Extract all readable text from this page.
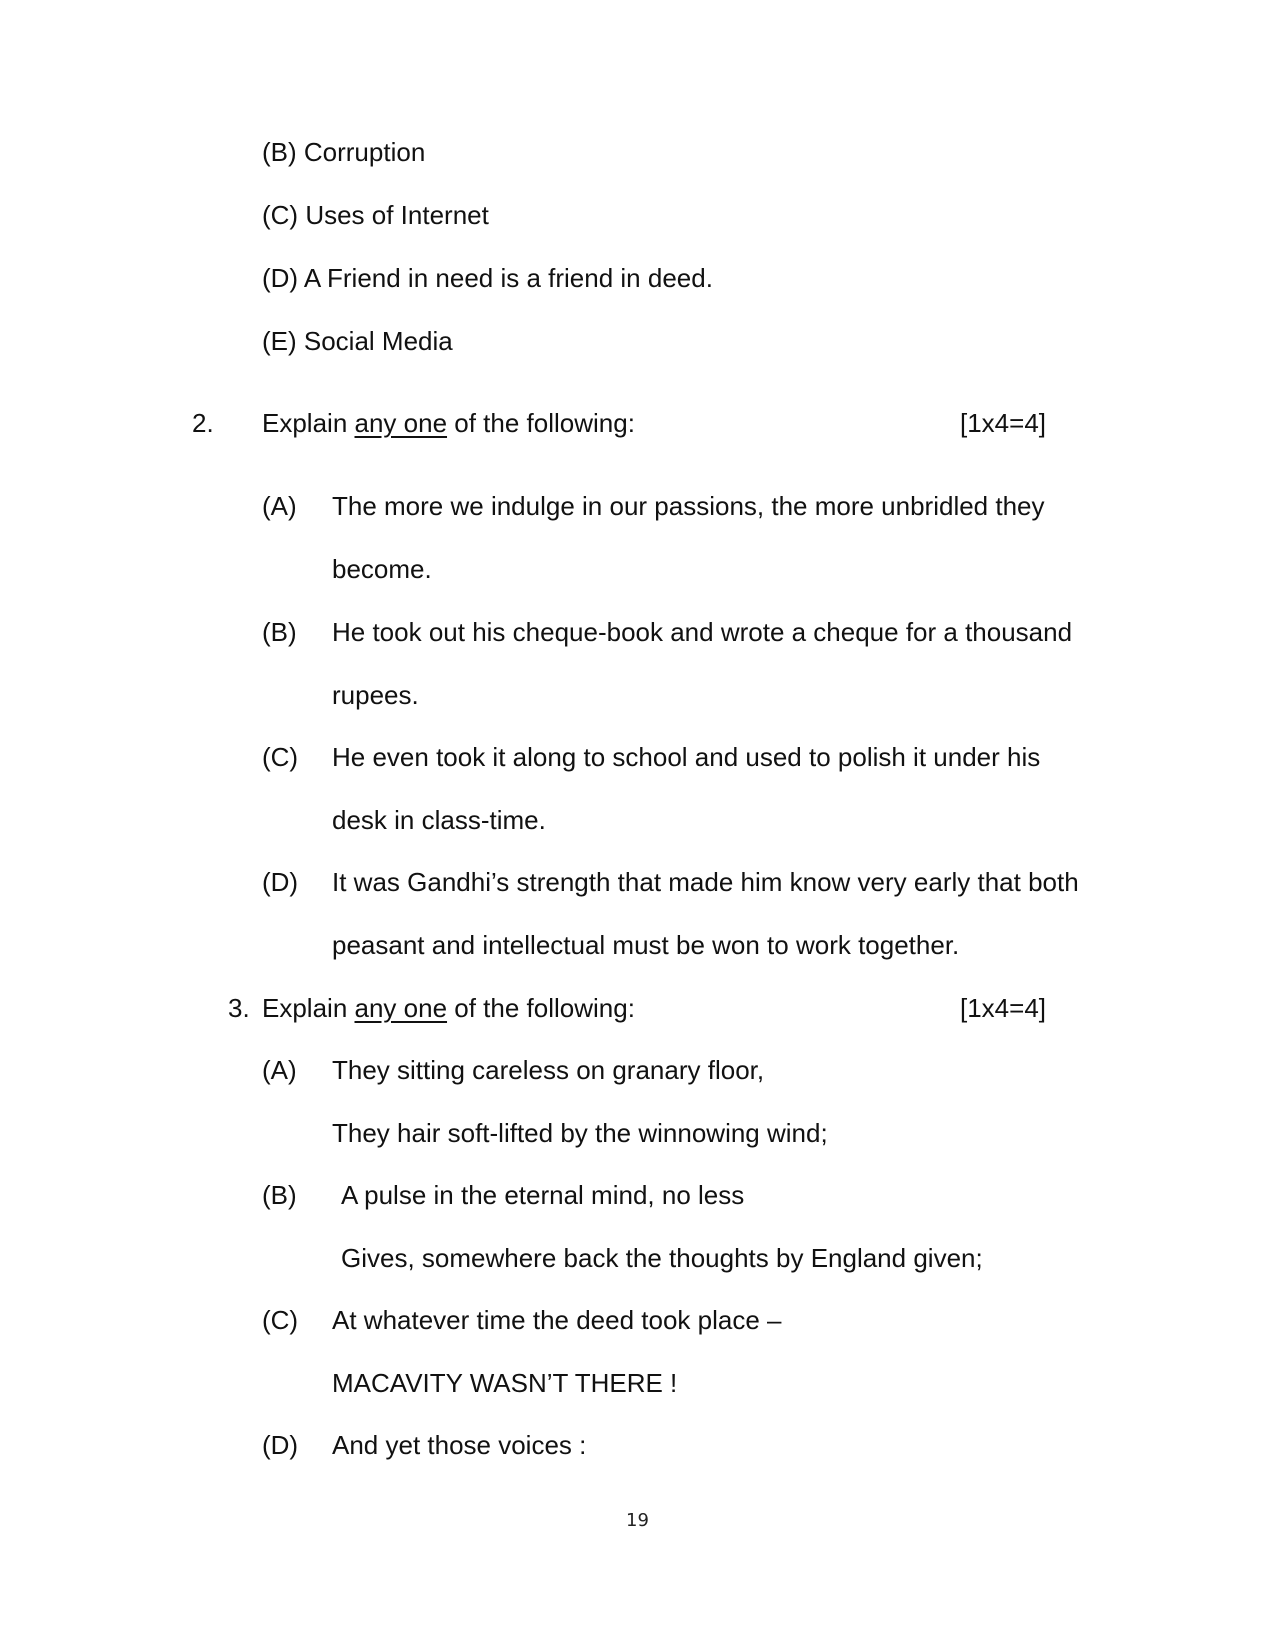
(B) Corruption
(C) Uses of Internet
(D) A Friend in need is a friend in deed.
(E) Social Media
2. Explain any one of the following:	[1x4=4]
(A) The more we indulge in our passions, the more unbridled they
become.
(B) He took out his cheque-book and wrote a cheque for a thousand
rupees.
(C) He even took it along to school and used to polish it under his
desk in class-time.
(D) It was Gandhi’s strength that made him know very early that both
peasant and intellectual must be won to work together.
3. Explain any one of the following:	[1x4=4]
(A) They sitting careless on granary floor,
They hair soft-lifted by the winnowing wind;
(B) A pulse in the eternal mind, no less
Gives, somewhere back the thoughts by England given;
(C) At whatever time the deed took place –
MACAVITY WASN’T THERE !
(D) And yet those voices :
19
